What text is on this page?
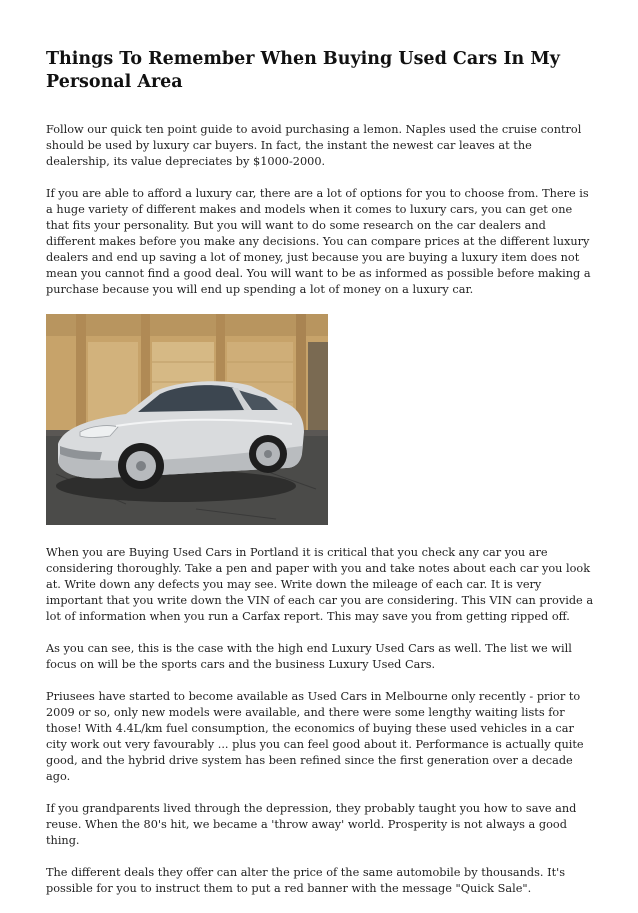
Things To Remember When Buying Used Cars In My Personal Area

Follow our quick ten point guide to avoid purchasing a lemon. Naples used the cruise control should be used by luxury car buyers. In fact, the instant the newest car leaves at the dealership, its value depreciates by $1000-2000.

If you are able to afford a luxury car, there are a lot of options for you to choose from. There is a huge variety of different makes and models when it comes to luxury cars, you can get one that fits your personality. But you will want to do some research on the car dealers and different makes before you make any decisions. You can compare prices at the different luxury dealers and end up saving a lot of money, just because you are buying a luxury item does not mean you cannot find a good deal. You will want to be as informed as possible before making a purchase because you will end up spending a lot of money on a luxury car.

When you are Buying Used Cars in Portland it is critical that you check any car you are considering thoroughly. Take a pen and paper with you and take notes about each car you look at. Write down any defects you may see. Write down the mileage of each car. It is very important that you write down the VIN of each car you are considering. This VIN can provide a lot of information when you run a Carfax report. This may save you from getting ripped off.

As you can see, this is the case with the high end Luxury Used Cars as well. The list we will focus on will be the sports cars and the business Luxury Used Cars.

Priusees have started to become available as Used Cars in Melbourne only recently - prior to 2009 or so, only new models were available, and there were some lengthy waiting lists for those! With 4.4L/km fuel consumption, the economics of buying these used vehicles in a car city work out very favourably ... plus you can feel good about it. Performance is actually quite good, and the hybrid drive system has been refined since the first generation over a decade ago.

If you grandparents lived through the depression, they probably taught you how to save and reuse. When the 80's hit, we became a 'throw away' world. Prosperity is not always a good thing.

The different deals they offer can alter the price of the same automobile by thousands. It's possible for you to instruct them to put a red banner with the message "Quick Sale".
